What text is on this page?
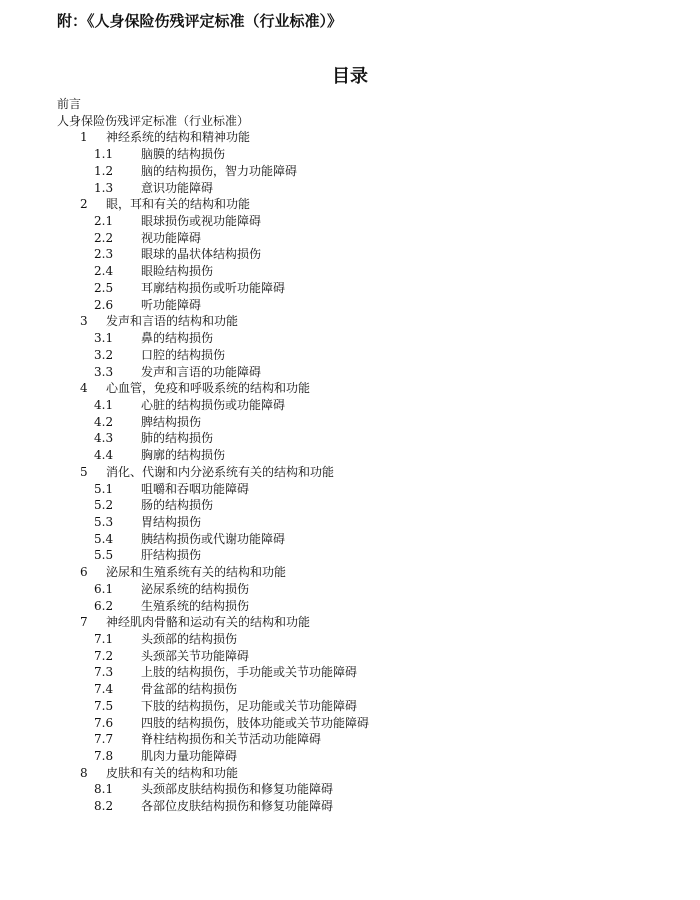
附：《人身保险伤残评定标准（行业标准）》
目录
前言
人身保险伤残评定标准（行业标准）
1 神经系统的结构和精神功能
1.1 脑膜的结构损伤
1.2 脑的结构损伤，智力功能障碍
1.3 意识功能障碍
2 眼，耳和有关的结构和功能
2.1 眼球损伤或视功能障碍
2.2 视功能障碍
2.3 眼球的晶状体结构损伤
2.4 眼睑结构损伤
2.5 耳廓结构损伤或听功能障碍
2.6 听功能障碍
3 发声和言语的结构和功能
3.1 鼻的结构损伤
3.2 口腔的结构损伤
3.3 发声和言语的功能障碍
4 心血管，免疫和呼吸系统的结构和功能
4.1 心脏的结构损伤或功能障碍
4.2 脾结构损伤
4.3 肺的结构损伤
4.4 胸廓的结构损伤
5 消化、代谢和内分泌系统有关的结构和功能
5.1 咀嚼和吞咽功能障碍
5.2 肠的结构损伤
5.3 胃结构损伤
5.4 胰结构损伤或代谢功能障碍
5.5 肝结构损伤
6 泌尿和生殖系统有关的结构和功能
6.1 泌尿系统的结构损伤
6.2 生殖系统的结构损伤
7 神经肌肉骨骼和运动有关的结构和功能
7.1 头颈部的结构损伤
7.2 头颈部关节功能障碍
7.3 上肢的结构损伤，手功能或关节功能障碍
7.4 骨盆部的结构损伤
7.5 下肢的结构损伤，足功能或关节功能障碍
7.6 四肢的结构损伤，肢体功能或关节功能障碍
7.7 脊柱结构损伤和关节活动功能障碍
7.8 肌肉力量功能障碍
8 皮肤和有关的结构和功能
8.1 头颈部皮肤结构损伤和修复功能障碍
8.2 各部位皮肤结构损伤和修复功能障碍
